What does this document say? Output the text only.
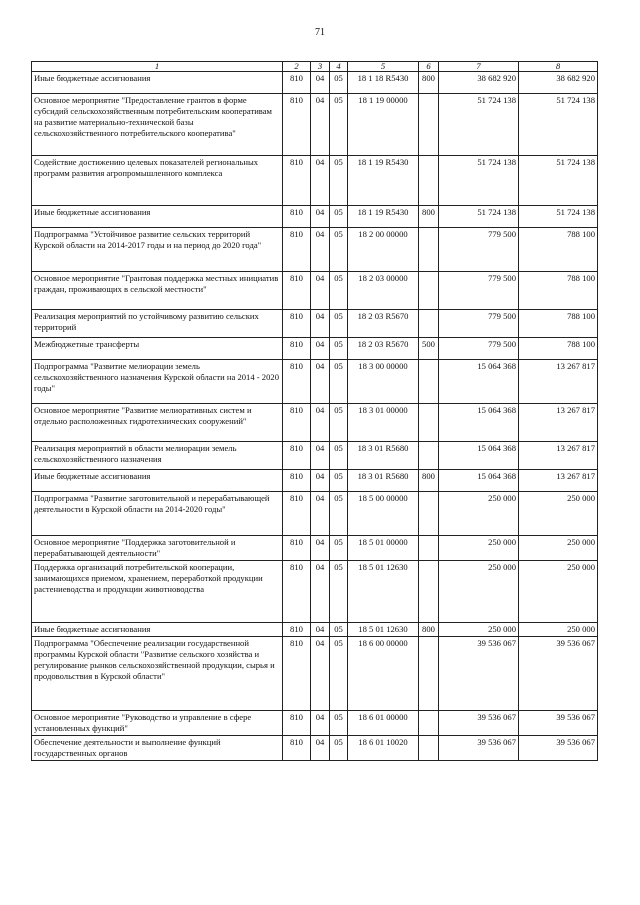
71
1	2	3	4	5	6	7	8
Иные бюджетные ассигнования	810	04	05	18 1 18 R5430	800	38 682 920	38 682 920
Основное мероприятие "Предоставление грантов в форме субсидий сельскохозяйственным потребительским кооперативам на развитие материально-технической базы сельскохозяйственного потребительского кооператива"	810	04	05	18 1 19 00000		51 724 138	51 724 138
Содействие достижению целевых показателей региональных программ развития агропромышленного комплекса	810	04	05	18 1 19 R5430		51 724 138	51 724 138
Иные бюджетные ассигнования	810	04	05	18 1 19 R5430	800	51 724 138	51 724 138
Подпрограмма "Устойчивое развитие сельских территорий Курской области на 2014-2017 годы и на период до 2020 года"	810	04	05	18 2 00 00000		779 500	788 100
Основное мероприятие "Грантовая поддержка местных инициатив граждан, проживающих в сельской местности"	810	04	05	18 2 03 00000		779 500	788 100
Реализация мероприятий по устойчивому развитию сельских территорий	810	04	05	18 2 03 R5670		779 500	788 100
Межбюджетные трансферты	810	04	05	18 2 03 R5670	500	779 500	788 100
Подпрограмма "Развитие мелиорации земель сельскохозяйственного назначения Курской области на 2014 - 2020 годы"	810	04	05	18 3 00 00000		15 064 368	13 267 817
Основное мероприятие "Развитие мелиоративных систем и отдельно расположенных гидротехнических сооружений"	810	04	05	18 3 01 00000		15 064 368	13 267 817
Реализация мероприятий в области мелиорации земель сельскохозяйственного назначения	810	04	05	18 3 01 R5680		15 064 368	13 267 817
Иные бюджетные ассигнования	810	04	05	18 3 01 R5680	800	15 064 368	13 267 817
Подпрограмма "Развитие заготовительной и перерабатывающей деятельности в Курской области на 2014-2020 годы"	810	04	05	18 5 00 00000		250 000	250 000
Основное мероприятие "Поддержка заготовительной и перерабатывающей деятельности"	810	04	05	18 5 01 00000		250 000	250 000
Поддержка организаций потребительской кооперации, занимающихся приемом, хранением, переработкой продукции растениеводства и продукции животноводства	810	04	05	18 5 01 12630		250 000	250 000
Иные бюджетные ассигнования	810	04	05	18 5 01 12630	800	250 000	250 000
Подпрограмма "Обеспечение реализации государственной программы Курской области "Развитие сельского хозяйства и регулирование рынков сельскохозяйственной продукции, сырья и продовольствия в Курской области"	810	04	05	18 6 00 00000		39 536 067	39 536 067
Основное мероприятие "Руководство и управление в сфере установленных функций"	810	04	05	18 6 01 00000		39 536 067	39 536 067
Обеспечение деятельности и выполнение функций государственных органов	810	04	05	18 6 01 10020		39 536 067	39 536 067
